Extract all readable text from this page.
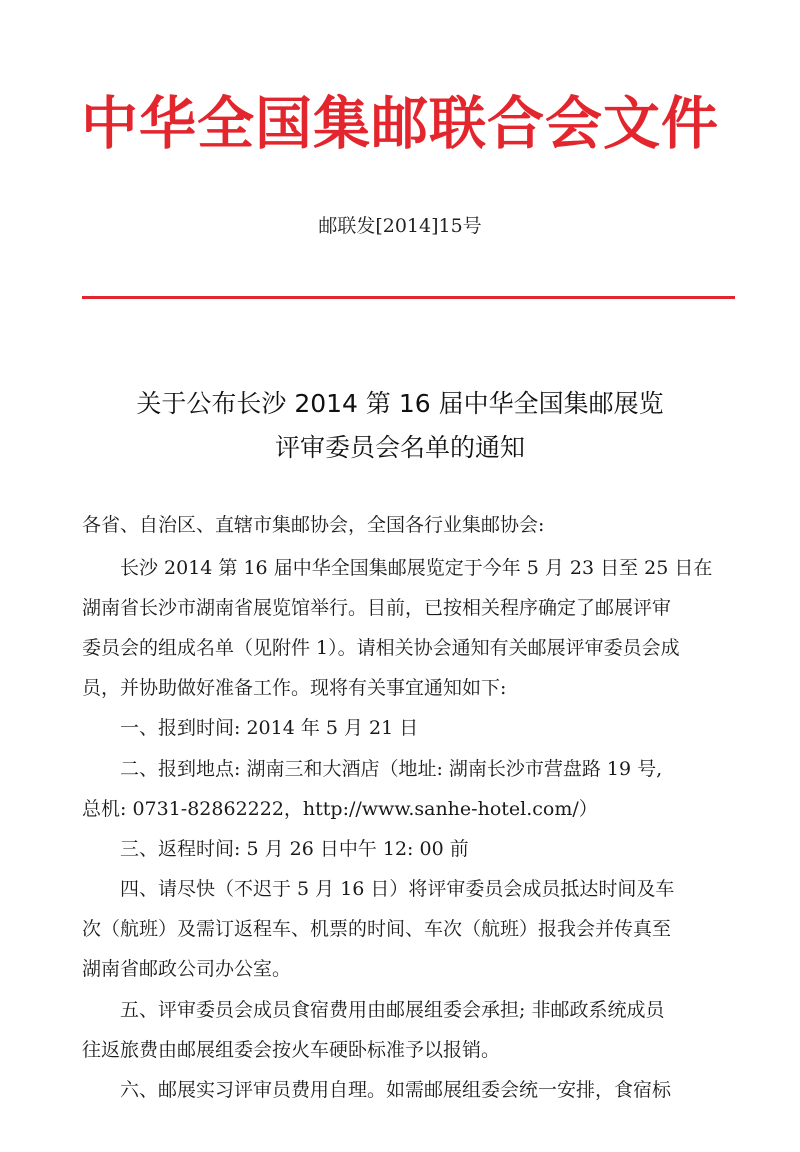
中华全国集邮联合会文件
邮联发[2014]15号
关于公布长沙 2014 第 16 届中华全国集邮展览
评审委员会名单的通知
各省、自治区、直辖市集邮协会，全国各行业集邮协会:
长沙 2014 第 16 届中华全国集邮展览定于今年 5 月 23 日至 25 日在
湖南省长沙市湖南省展览馆举行。目前，已按相关程序确定了邮展评审
委员会的组成名单（见附件 1）。请相关协会通知有关邮展评审委员会成
员，并协助做好准备工作。现将有关事宜通知如下:
一、报到时间: 2014 年 5 月 21 日
二、报到地点: 湖南三和大酒店（地址: 湖南长沙市营盘路 19 号,
总机: 0731-82862222，http://www.sanhe-hotel.com/）
三、返程时间: 5 月 26 日中午 12: 00 前
四、请尽快（不迟于 5 月 16 日）将评审委员会成员抵达时间及车
次（航班）及需订返程车、机票的时间、车次（航班）报我会并传真至
湖南省邮政公司办公室。
五、评审委员会成员食宿费用由邮展组委会承担; 非邮政系统成员
往返旅费由邮展组委会按火车硬卧标准予以报销。
六、邮展实习评审员费用自理。如需邮展组委会统一安排，食宿标
